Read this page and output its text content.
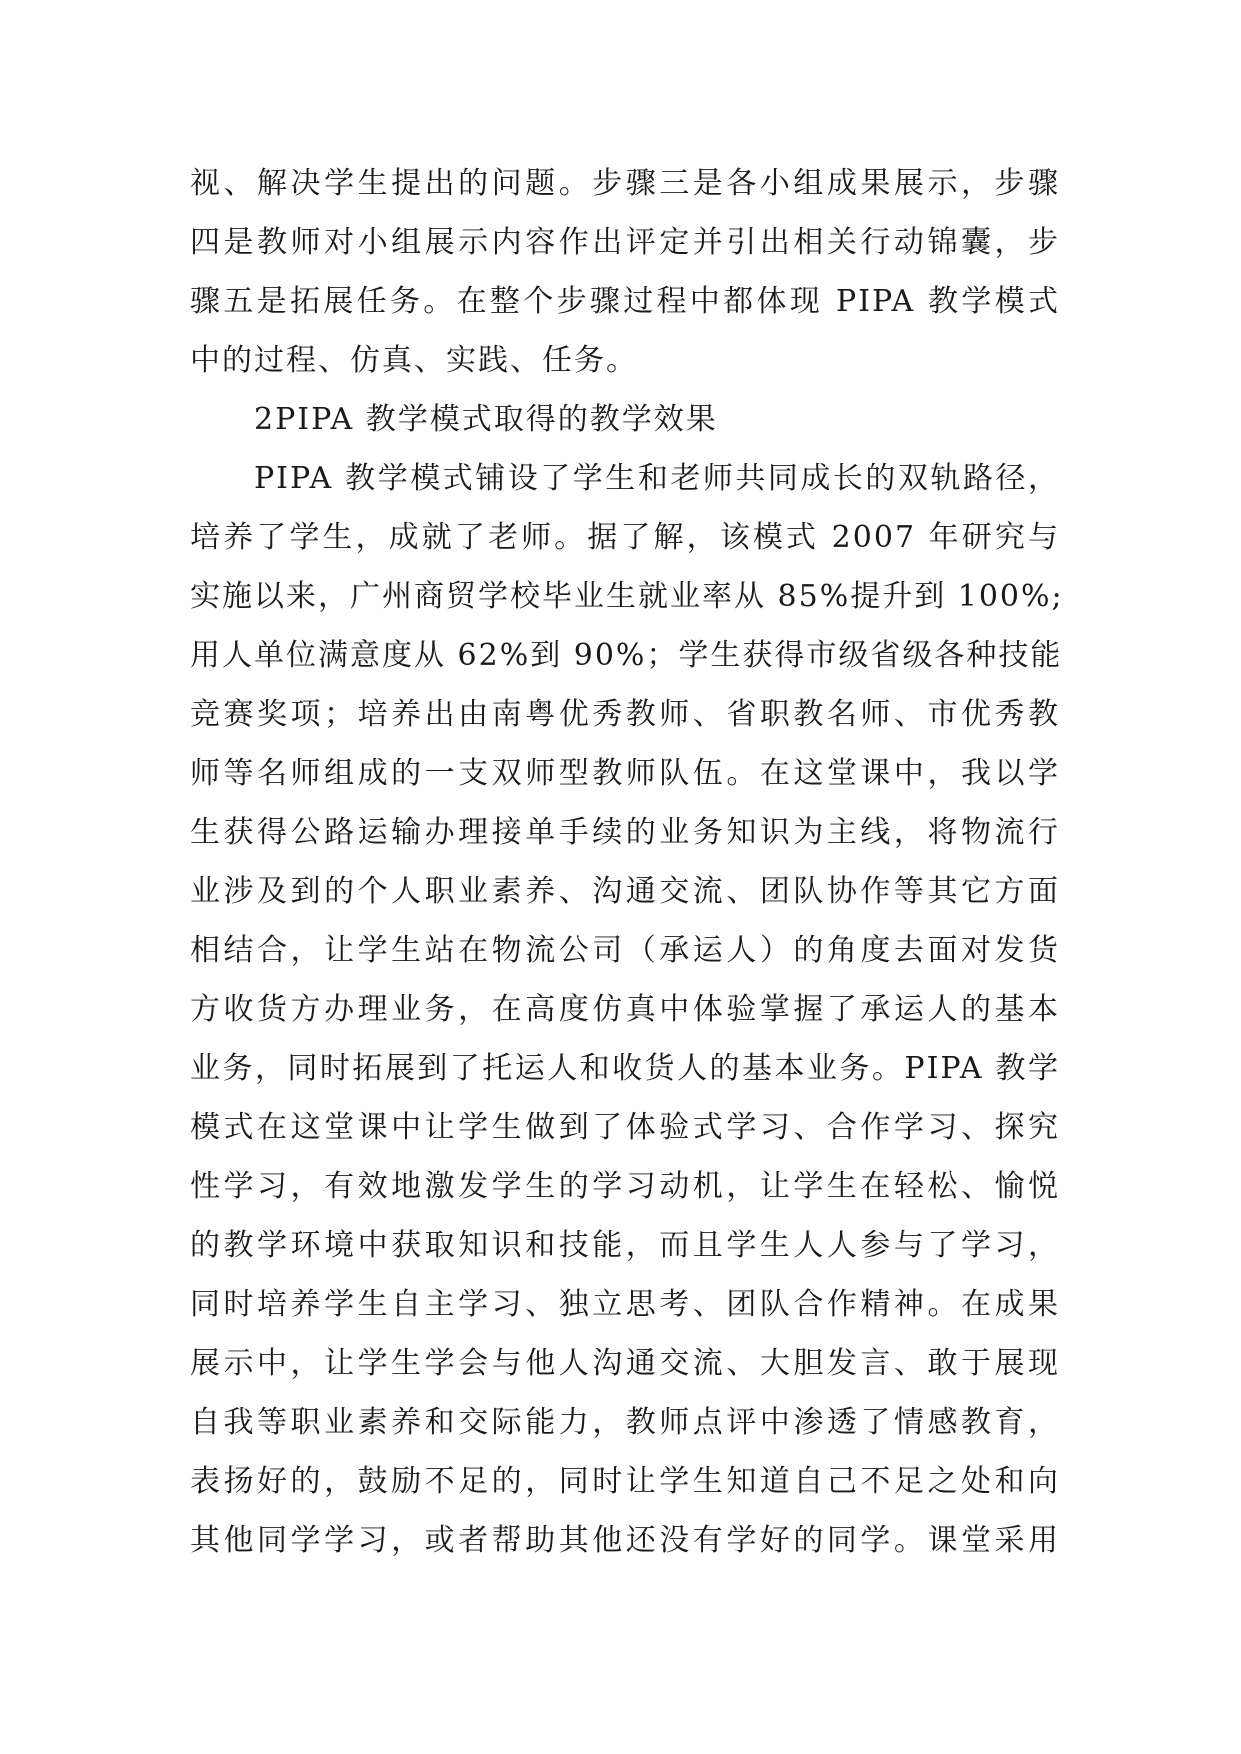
视、解决学生提出的问题。步骤三是各小组成果展示，步骤
四是教师对小组展示内容作出评定并引出相关行动锦囊，步
骤五是拓展任务。在整个步骤过程中都体现 PIPA 教学模式
中的过程、仿真、实践、任务。
2PIPA 教学模式取得的教学效果
PIPA 教学模式铺设了学生和老师共同成长的双轨路径，
培养了学生，成就了老师。据了解，该模式 2007 年研究与
实施以来，广州商贸学校毕业生就业率从 85%提升到 100%;
用人单位满意度从 62%到 90%；学生获得市级省级各种技能
竞赛奖项；培养出由南粤优秀教师、省职教名师、市优秀教
师等名师组成的一支双师型教师队伍。在这堂课中，我以学
生获得公路运输办理接单手续的业务知识为主线，将物流行
业涉及到的个人职业素养、沟通交流、团队协作等其它方面
相结合，让学生站在物流公司（承运人）的角度去面对发货
方收货方办理业务，在高度仿真中体验掌握了承运人的基本
业务，同时拓展到了托运人和收货人的基本业务。PIPA 教学
模式在这堂课中让学生做到了体验式学习、合作学习、探究
性学习，有效地激发学生的学习动机，让学生在轻松、愉悦
的教学环境中获取知识和技能，而且学生人人参与了学习，
同时培养学生自主学习、独立思考、团队合作精神。在成果
展示中，让学生学会与他人沟通交流、大胆发言、敢于展现
自我等职业素养和交际能力，教师点评中渗透了情感教育，
表扬好的，鼓励不足的，同时让学生知道自己不足之处和向
其他同学学习，或者帮助其他还没有学好的同学。课堂采用
